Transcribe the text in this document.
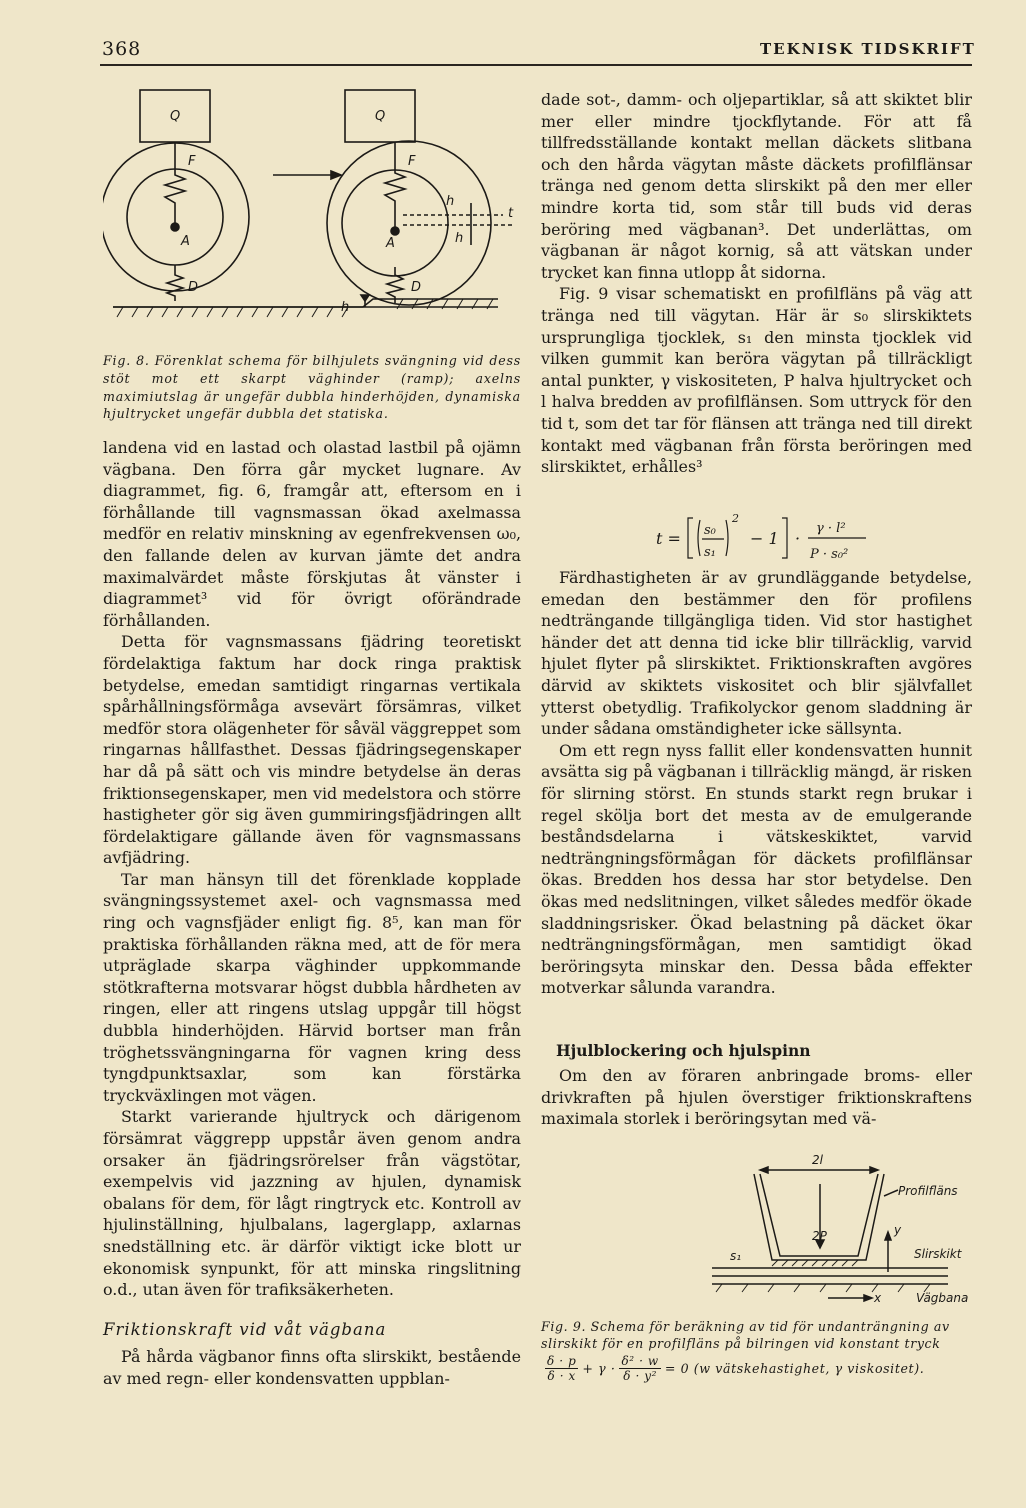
368	TEKNISK TIDSKRIFT
Q
F
A
D
Q
F
A
D
h
h
h
t
Fig. 8. Förenklat schema för bilhjulets svängning vid dess stöt mot ett skarpt väghinder (ramp); axelns maximiutslag är ungefär dubbla hinderhöjden, dynamiska hjultrycket ungefär dubbla det statiska.

landena vid en lastad och olastad lastbil på ojämn vägbana. Den förra går mycket lugnare. Av diagrammet, fig. 6, framgår att, eftersom en i förhållande till vagnsmassan ökad axelmassa medför en relativ minskning av egenfrekvensen ω₀, den fallande delen av kurvan jämte det andra maximalvärdet måste förskjutas åt vänster i diagrammet³ vid för övrigt oförändrade förhållanden.

Detta för vagnsmassans fjädring teoretiskt fördelaktiga faktum har dock ringa praktisk betydelse, emedan samtidigt ringarnas vertikala spårhållningsförmåga avsevärt försämras, vilket medför stora olägenheter för såväl väggreppet som ringarnas hållfasthet. Dessas fjädringsegenskaper har då på sätt och vis mindre betydelse än deras friktionsegenskaper, men vid medelstora och större hastigheter gör sig även gummiringsfjädringen allt fördelaktigare gällande även för vagnsmassans avfjädring.

Tar man hänsyn till det förenklade kopplade svängningssystemet axel- och vagnsmassa med ring och vagnsfjäder enligt fig. 8⁵, kan man för praktiska förhållanden räkna med, att de för mera utpräglade skarpa väghinder uppkommande stötkrafterna motsvarar högst dubbla hårdheten av ringen, eller att ringens utslag uppgår till högst dubbla hinderhöjden. Härvid bortser man från tröghetssvängningarna för vagnen kring dess tyngdpunktsaxlar, som kan förstärka tryckväxlingen mot vägen.

Starkt varierande hjultryck och därigenom försämrat väggrepp uppstår även genom andra orsaker än fjädringsrörelser från vägstötar, exempelvis vid jazzning av hjulen, dynamisk obalans för dem, för lågt ringtryck etc. Kontroll av hjulinställning, hjulbalans, lagerglapp, axlarnas snedställning etc. är därför viktigt icke blott ur ekonomisk synpunkt, för att minska ringslitning o.d., utan även för trafiksäkerheten.

Friktionskraft vid våt vägbana

På hårda vägbanor finns ofta slirskikt, bestående av med regn- eller kondensvatten uppblan-

dade sot-, damm- och oljepartiklar, så att skiktet blir mer eller mindre tjockflytande. För att få tillfredsställande kontakt mellan däckets slitbana och den hårda vägytan måste däckets profilflänsar tränga ned genom detta slirskikt på den mer eller mindre korta tid, som står till buds vid deras beröring med vägbanan³. Det underlättas, om vägbanan är något kornig, så att vätskan under trycket kan finna utlopp åt sidorna.

Fig. 9 visar schematiskt en profilfläns på väg att tränga ned till vägytan. Här är s₀ slirskiktets ursprungliga tjocklek, s₁ den minsta tjocklek vid vilken gummit kan beröra vägytan på tillräckligt antal punkter, γ viskositeten, P halva hjultrycket och l halva bredden av profilflänsen. Som uttryck för den tid t, som det tar för flänsen att tränga ned till direkt kontakt med vägbanan från första beröringen med slirskiktet, erhålles³

t = s₀
s₁
2
− 1 ·
γ · l²
P · s₀²

Färdhastigheten är av grundläggande betydelse, emedan den bestämmer den för profilens nedträngande tillgängliga tiden. Vid stor hastighet händer det att denna tid icke blir tillräcklig, varvid hjulet flyter på slirskiktet. Friktionskraften avgöres därvid av skiktets viskositet och blir självfallet ytterst obetydlig. Trafikolyckor genom sladdning är under sådana omständigheter icke sällsynta.

Om ett regn nyss fallit eller kondensvatten hunnit avsätta sig på vägbanan i tillräcklig mängd, är risken för slirning störst. En stunds starkt regn brukar i regel skölja bort det mesta av de emulgerande beståndsdelarna i vätskeskiktet, varvid nedträngningsförmågan för däckets profilflänsar ökas. Bredden hos dessa har stor betydelse. Den ökas med nedslitningen, vilket således medför ökade sladdningsrisker. Ökad belastning på däcket ökar nedträngningsförmågan, men samtidigt ökad beröringsyta minskar den. Dessa båda effekter motverkar sålunda varandra.

Hjulblockering och hjulspinn

Om den av föraren anbringade broms- eller drivkraften på hjulen överstiger friktionskraftens maximala storlek i beröringsytan med vä-

2l
2P
Profilfläns
y
Slirskikt
s₁
x	Vägbana
Fig. 9. Schema för beräkning av tid för undanträngning av slirskikt för en profilfläns på bilringen vid konstant tryck
$\frac{\delta \cdot p}{\delta \cdot x} + \gamma \cdot \frac{\text{δ² · w}}{\text{δ · y²}} = 0$ (w vätskehastighet, γ viskositet).
